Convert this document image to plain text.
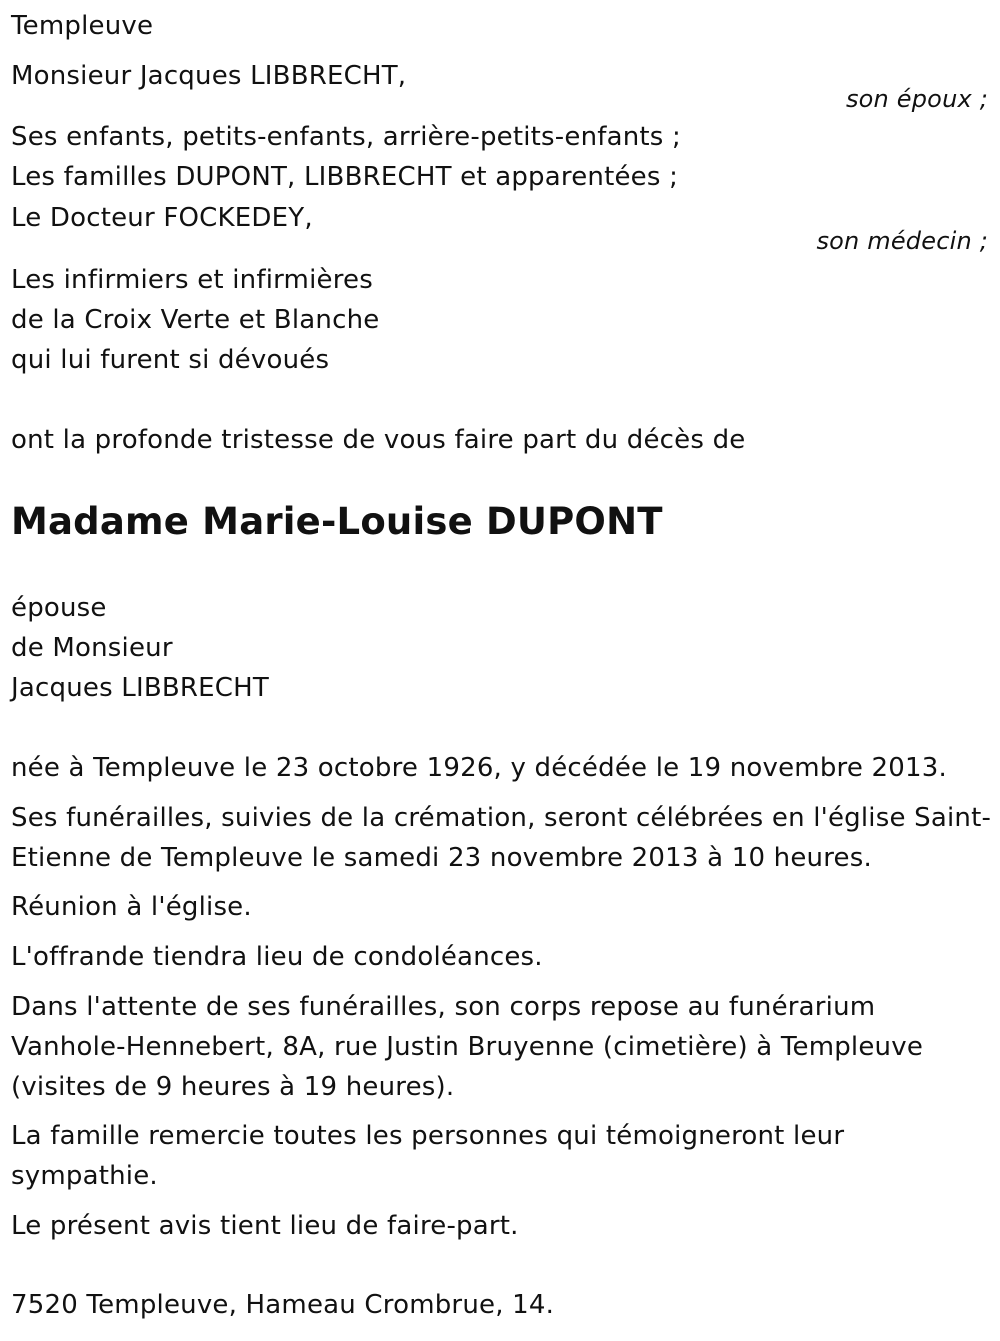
Templeuve

Monsieur Jacques LIBBRECHT,

son époux ;

Ses enfants, petits-enfants, arrière-petits-enfants ;

Les familles DUPONT, LIBBRECHT et apparentées ;

Le Docteur FOCKEDEY,

son médecin ;

Les infirmiers et infirmières

de la Croix Verte et Blanche

qui lui furent si dévoués

ont la profonde tristesse de vous faire part du décès de

Madame Marie-Louise DUPONT

épouse

de Monsieur

Jacques LIBBRECHT

née à Templeuve le 23 octobre 1926, y décédée le 19 novembre 2013.

Ses funérailles, suivies de la crémation, seront célébrées en l'église Saint-

Etienne de Templeuve le samedi 23 novembre 2013 à 10 heures.

Réunion à l'église.

L'offrande tiendra lieu de condoléances.

Dans l'attente de ses funérailles, son corps repose au funérarium

Vanhole-Hennebert, 8A, rue Justin Bruyenne (cimetière) à Templeuve

(visites de 9 heures à 19 heures).

La famille remercie toutes les personnes qui témoigneront leur

sympathie.

Le présent avis tient lieu de faire-part.

7520 Templeuve, Hameau Crombrue, 14.
